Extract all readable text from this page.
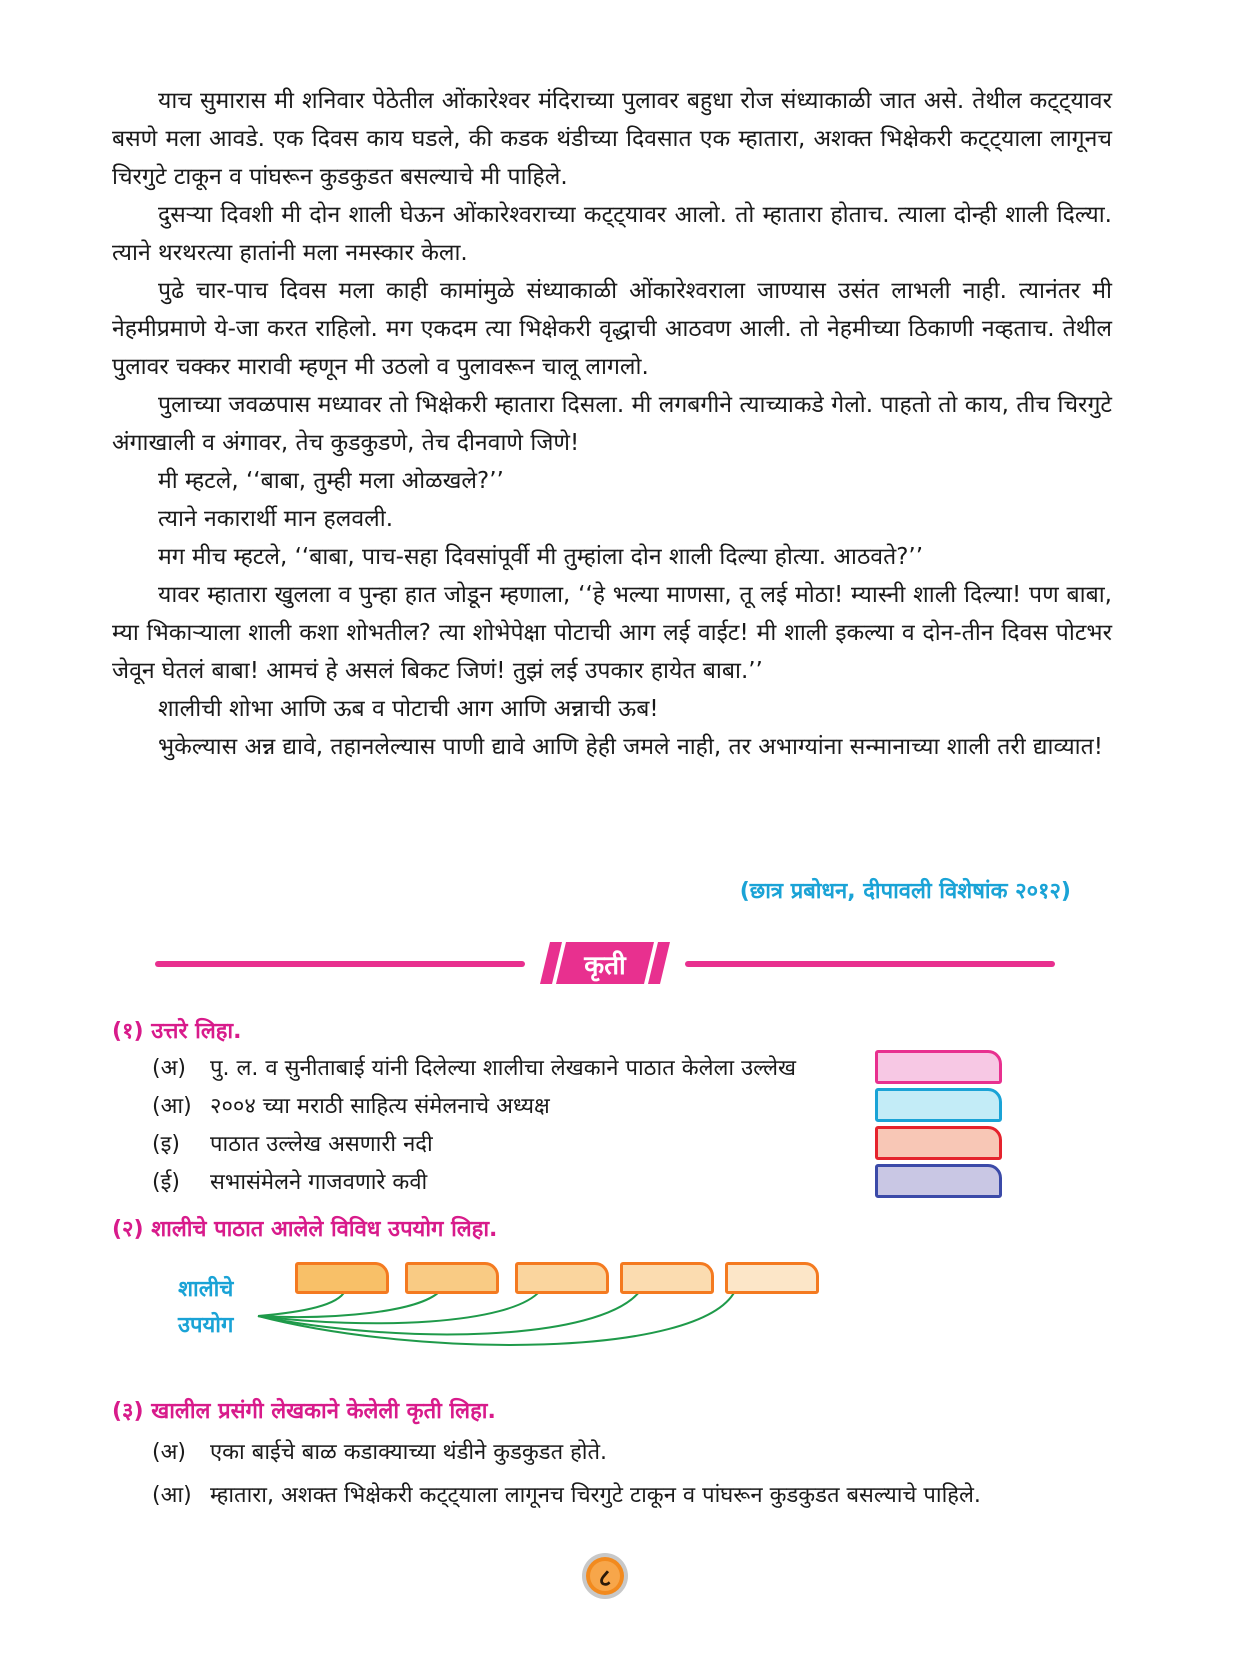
याच सुमारास मी शनिवार पेठेतील ओंकारेश्वर मंदिराच्या पुलावर बहुधा रोज संध्याकाळी जात असे. तेथील कट्ट्यावर बसणे मला आवडे. एक दिवस काय घडले, की कडक थंडीच्या दिवसात एक म्हातारा, अशक्त भिक्षेकरी कट्ट्याला लागूनच चिरगुटे टाकून व पांघरून कुडकुडत बसल्याचे मी पाहिले.

दुसऱ्या दिवशी मी दोन शाली घेऊन ओंकारेश्वराच्या कट्ट्यावर आलो. तो म्हातारा होताच. त्याला दोन्ही शाली दिल्या. त्याने थरथरत्या हातांनी मला नमस्कार केला.

पुढे चार-पाच दिवस मला काही कामांमुळे संध्याकाळी ओंकारेश्वराला जाण्यास उसंत लाभली नाही. त्यानंतर मी नेहमीप्रमाणे ये-जा करत राहिलो. मग एकदम त्या भिक्षेकरी वृद्धाची आठवण आली. तो नेहमीच्या ठिकाणी नव्हताच. तेथील पुलावर चक्कर मारावी म्हणून मी उठलो व पुलावरून चालू लागलो.

पुलाच्या जवळपास मध्यावर तो भिक्षेकरी म्हातारा दिसला. मी लगबगीने त्याच्याकडे गेलो. पाहतो तो काय, तीच चिरगुटे अंगाखाली व अंगावर, तेच कुडकुडणे, तेच दीनवाणे जिणे!

मी म्हटले, ‘‘बाबा, तुम्ही मला ओळखले?’’

त्याने नकारार्थी मान हलवली.

मग मीच म्हटले, ‘‘बाबा, पाच-सहा दिवसांपूर्वी मी तुम्हांला दोन शाली दिल्या होत्या. आठवते?’’

यावर म्हातारा खुलला व पुन्हा हात जोडून म्हणाला, ‘‘हे भल्या माणसा, तू लई मोठा! म्यास्नी शाली दिल्या! पण बाबा, म्या भिकाऱ्याला शाली कशा शोभतील? त्या शोभेपेक्षा पोटाची आग लई वाईट! मी शाली इकल्या व दोन-तीन दिवस पोटभर जेवून घेतलं बाबा! आमचं हे असलं बिकट जिणं! तुझं लई उपकार हायेत बाबा.’’

शालीची शोभा आणि ऊब व पोटाची आग आणि अन्नाची ऊब!

भुकेल्यास अन्न द्यावे, तहानलेल्यास पाणी द्यावे आणि हेही जमले नाही, तर अभाग्यांना सन्मानाच्या शाली तरी द्याव्यात!

(छात्र प्रबोधन, दीपावली विशेषांक २०१२)
कृती
(१) उत्तरे लिहा.
(अ) पु. ल. व सुनीताबाई यांनी दिलेल्या शालीचा लेखकाने पाठात केलेला उल्लेख
(आ) २००४ च्या मराठी साहित्य संमेलनाचे अध्यक्ष
(इ) पाठात उल्लेख असणारी नदी
(ई) सभासंमेलने गाजवणारे कवी
(२) शालीचे पाठात आलेले विविध उपयोग लिहा.
शालीचे
उपयोग
(३) खालील प्रसंगी लेखकाने केलेली कृती लिहा.
(अ) एका बाईचे बाळ कडाक्याच्या थंडीने कुडकुडत होते.
(आ) म्हातारा, अशक्त भिक्षेकरी कट्ट्याला लागूनच चिरगुटे टाकून व पांघरून कुडकुडत बसल्याचे पाहिले.
८
